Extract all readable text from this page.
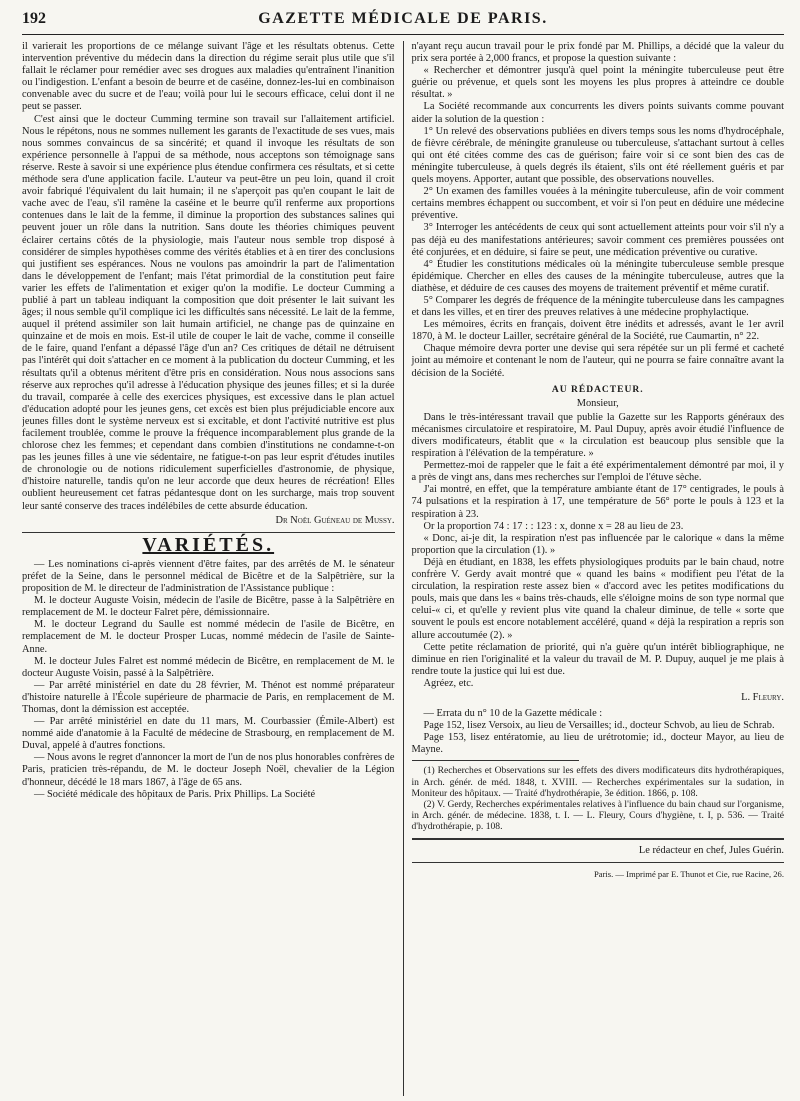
192	GAZETTE MÉDICALE DE PARIS.

il varierait les proportions de ce mélange suivant l'âge et les résultats obtenus. Cette intervention préventive du médecin dans la direction du régime serait plus utile que s'il fallait le réclamer pour remédier avec ses drogues aux maladies qu'entraînent l'inanition ou l'indigestion. L'enfant a besoin de beurre et de caséine, donnez-les-lui en combinaison convenable avec du sucre et de l'eau; voilà pour lui le secours efficace, celui dont il ne peut se passer.

C'est ainsi que le docteur Cumming termine son travail sur l'allaitement artificiel. Nous le répétons, nous ne sommes nullement les garants de l'exactitude de ses vues, mais nous sommes convaincus de sa sincérité; et quand il invoque les résultats de son expérience personnelle à l'appui de sa méthode, nous acceptons son témoignage sans réserve. Reste à savoir si une expérience plus étendue confirmera ces résultats, et si cette méthode sera d'une application facile. L'auteur va peut-être un peu loin, quand il croit avoir fabriqué l'équivalent du lait humain; il ne s'aperçoit pas qu'en coupant le lait de vache avec de l'eau, s'il ramène la caséine et le beurre qu'il renferme aux proportions contenues dans le lait de la femme, il diminue la proportion des substances salines qui peuvent jouer un rôle dans la nutrition. Sans doute les théories chimiques peuvent éclairer certains côtés de la physiologie, mais l'auteur nous semble trop disposé à considérer de simples hypothèses comme des vérités établies et à en tirer des conclusions qui justifient ses espérances. Nous ne voulons pas amoindrir la part de l'alimentation dans le développement de l'enfant; mais l'état primordial de la constitution peut faire varier les effets de l'alimentation et exiger qu'on la modifie. Le docteur Cumming a publié à part un tableau indiquant la composition que doit présenter le lait suivant les âges; il nous semble qu'il complique ici les difficultés sans nécessité. Le lait de la femme, auquel il prétend assimiler son lait humain artificiel, ne change pas de quinzaine en quinzaine et de mois en mois. Est-il utile de couper le lait de vache, comme il conseille de le faire, quand l'enfant a dépassé l'âge d'un an? Ces critiques de détail ne détruisent pas l'intérêt qui doit s'attacher en ce moment à la publication du docteur Cumming, et les résultats qu'il a obtenus méritent d'être pris en considération. Nous nous associons sans réserve aux reproches qu'il adresse à l'éducation physique des jeunes filles; et si la durée du travail, comparée à celle des exercices physiques, est excessive dans le plan actuel d'éducation adopté pour les jeunes gens, cet excès est bien plus préjudiciable encore aux jeunes filles dont le système nerveux est si excitable, et dont l'activité nutritive est plus facilement troublée, comme le prouve la fréquence incomparablement plus grande de la chlorose chez les femmes; et cependant dans combien d'institutions ne condamne-t-on pas les jeunes filles à une vie sédentaire, ne fatigue-t-on pas leur esprit d'études inutiles de chronologie ou de notions ridiculement superficielles d'astronomie, de physique, d'histoire naturelle, tandis qu'on ne leur accorde que deux heures de récréation! Elles oublient heureusement cet fatras pédantesque dont on les surcharge, mais trop souvent leur santé conserve des traces indélébiles de cette absurde éducation.

Dr Noël Guéneau de Mussy.
VARIÉTÉS.

— Les nominations ci-après viennent d'être faites, par des arrêtés de M. le sénateur préfet de la Seine, dans le personnel médical de Bicêtre et de la Salpêtrière, sur la proposition de M. le directeur de l'administration de l'Assistance publique :

M. le docteur Auguste Voisin, médecin de l'asile de Bicêtre, passe à la Salpêtrière en remplacement de M. le docteur Falret père, démissionnaire.

M. le docteur Legrand du Saulle est nommé médecin de l'asile de Bicêtre, en remplacement de M. le docteur Prosper Lucas, nommé médecin de l'asile de Sainte-Anne.

M. le docteur Jules Falret est nommé médecin de Bicêtre, en remplacement de M. le docteur Auguste Voisin, passé à la Salpêtrière.

— Par arrêté ministériel en date du 28 février, M. Thénot est nommé préparateur d'histoire naturelle à l'École supérieure de pharmacie de Paris, en remplacement de M. Thomas, dont la démission est acceptée.

— Par arrêté ministériel en date du 11 mars, M. Courbassier (Émile-Albert) est nommé aide d'anatomie à la Faculté de médecine de Strasbourg, en remplacement de M. Duval, appelé à d'autres fonctions.

— Nous avons le regret d'annoncer la mort de l'un de nos plus honorables confrères de Paris, praticien très-répandu, de M. le docteur Joseph Noël, chevalier de la Légion d'honneur, décédé le 18 mars 1867, à l'âge de 65 ans.

— Société médicale des hôpitaux de Paris. Prix Phillips. La Société

n'ayant reçu aucun travail pour le prix fondé par M. Phillips, a décidé que la valeur du prix sera portée à 2,000 francs, et propose la question suivante :

« Rechercher et démontrer jusqu'à quel point la méningite tuberculeuse peut être guérie ou prévenue, et quels sont les moyens les plus propres à atteindre ce double résultat. »

La Société recommande aux concurrents les divers points suivants comme pouvant aider la solution de la question :

1° Un relevé des observations publiées en divers temps sous les noms d'hydrocéphale, de fièvre cérébrale, de méningite granuleuse ou tuberculeuse, s'attachant surtout à celles qui ont été citées comme des cas de guérison; faire voir si ce sont bien des cas de méningite tuberculeuse, à quels degrés ils étaient, s'ils ont été réellement guéris et par quels moyens. Apporter, autant que possible, des observations nouvelles.

2° Un examen des familles vouées à la méningite tuberculeuse, afin de voir comment certains membres échappent ou succombent, et voir si l'on peut en déduire une médecine préventive.

3° Interroger les antécédents de ceux qui sont actuellement atteints pour voir s'il n'y a pas déjà eu des manifestations antérieures; savoir comment ces premières poussées ont été conjurées, et en déduire, si faire se peut, une médication préventive ou curative.

4° Étudier les constitutions médicales où la méningite tuberculeuse semble presque épidémique. Chercher en elles des causes de la méningite tuberculeuse, autres que la diathèse, et déduire de ces causes des moyens de traitement préventif et même curatif.

5° Comparer les degrés de fréquence de la méningite tuberculeuse dans les campagnes et dans les villes, et en tirer des preuves relatives à une médecine prophylactique.

Les mémoires, écrits en français, doivent être inédits et adressés, avant le 1er avril 1870, à M. le docteur Lailler, secrétaire général de la Société, rue Caumartin, n° 22.

Chaque mémoire devra porter une devise qui sera répétée sur un pli fermé et cacheté joint au mémoire et contenant le nom de l'auteur, qui ne pourra se faire connaître avant la décision de la Société.

AU RÉDACTEUR.
Monsieur,

Dans le très-intéressant travail que publie la Gazette sur les Rapports généraux des mécanismes circulatoire et respiratoire, M. Paul Dupuy, après avoir étudié l'influence de divers modificateurs, établit que « la circulation est beaucoup plus sensible que la respiration à l'élévation de la température. »

Permettez-moi de rappeler que le fait a été expérimentalement démontré par moi, il y a près de vingt ans, dans mes recherches sur l'emploi de l'étuve sèche.

J'ai montré, en effet, que la température ambiante étant de 17° centigrades, le pouls à 74 pulsations et la respiration à 17, une température de 56° porte le pouls à 123 et la respiration à 23.

Or la proportion 74 : 17 : : 123 : x, donne x = 28 au lieu de 23.

« Donc, ai-je dit, la respiration n'est pas influencée par le calorique « dans la même proportion que la circulation (1). »

Déjà en étudiant, en 1838, les effets physiologiques produits par le bain chaud, notre confrère V. Gerdy avait montré que « quand les bains « modifient peu l'état de la circulation, la respiration reste assez bien « d'accord avec les petites modifications du pouls, mais que dans les « bains très-chauds, elle s'éloigne moins de son type normal que celui-« ci, et qu'elle y revient plus vite quand la chaleur diminue, de telle « sorte que souvent le pouls est encore notablement accéléré, quand « déjà la respiration a repris son allure accoutumée (2). »

Cette petite réclamation de priorité, qui n'a guère qu'un intérêt bibliographique, ne diminue en rien l'originalité et la valeur du travail de M. P. Dupuy, auquel je me plais à rendre toute la justice qui lui est due.

Agréez, etc.

L. Fleury.

— Errata du n° 10 de la Gazette médicale :

Page 152, lisez Versoix, au lieu de Versailles; id., docteur Schvob, au lieu de Schrab.

Page 153, lisez entératomie, au lieu de urétrotomie; id., docteur Mayor, au lieu de Mayne.

(1) Recherches et Observations sur les effets des divers modificateurs dits hydrothérapiques, in Arch. génér. de méd. 1848, t. XVIII. — Recherches expérimentales sur la sudation, in Moniteur des hôpitaux. — Traité d'hydrothérapie, 3e édition. 1866, p. 108.

(2) V. Gerdy, Recherches expérimentales relatives à l'influence du bain chaud sur l'organisme, in Arch. génér. de médecine. 1838, t. I. — L. Fleury, Cours d'hygiène, t. I, p. 536. — Traité d'hydrothérapie, p. 108.

Le rédacteur en chef, Jules Guérin.
Paris. — Imprimé par E. Thunot et Cie, rue Racine, 26.
